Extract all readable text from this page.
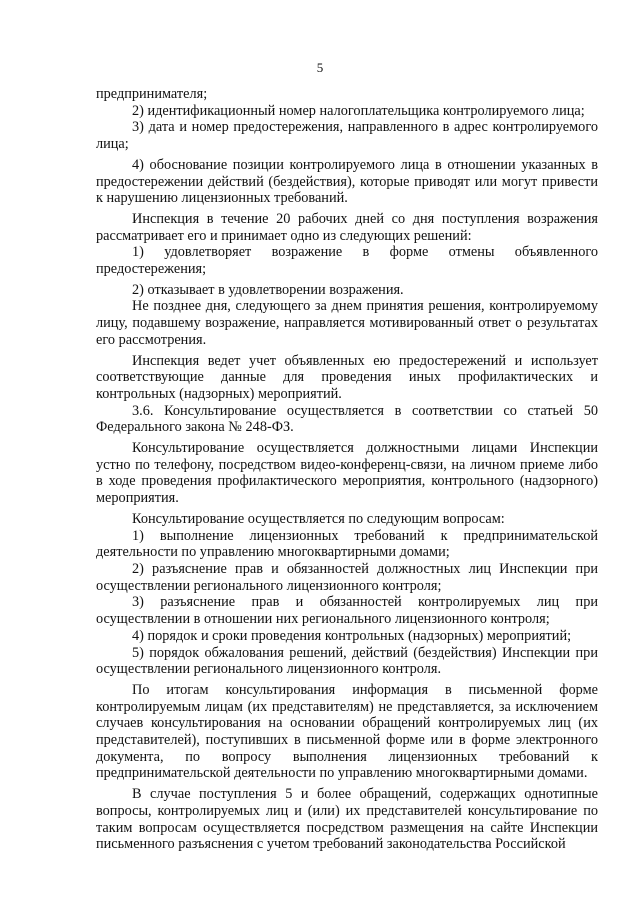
5

предпринимателя;

2) идентификационный номер налогоплательщика контролируемого лица;

3) дата и номер предостережения, направленного в адрес контролируемого лица;

4) обоснование позиции контролируемого лица в отношении указанных в предостережении действий (бездействия), которые приводят или могут привести к нарушению лицензионных требований.

Инспекция в течение 20 рабочих дней со дня поступления возражения рассматривает его и принимает одно из следующих решений:

1) удовлетворяет возражение в форме отмены объявленного предостережения;

2) отказывает в удовлетворении возражения.

Не позднее дня, следующего за днем принятия решения, контролируемому лицу, подавшему возражение, направляется мотивированный ответ о результатах его рассмотрения.

Инспекция ведет учет объявленных ею предостережений и использует соответствующие данные для проведения иных профилактических и контрольных (надзорных) мероприятий.

3.6. Консультирование осуществляется в соответствии со статьей 50 Федерального закона № 248-ФЗ.

Консультирование осуществляется должностными лицами Инспекции устно по телефону, посредством видео-конференц-связи, на личном приеме либо в ходе проведения профилактического мероприятия, контрольного (надзорного) мероприятия.

Консультирование осуществляется по следующим вопросам:

1) выполнение лицензионных требований к предпринимательской деятельности по управлению многоквартирными домами;

2) разъяснение прав и обязанностей должностных лиц Инспекции при осуществлении регионального лицензионного контроля;

3) разъяснение прав и обязанностей контролируемых лиц при осуществлении в отношении них регионального лицензионного контроля;

4) порядок и сроки проведения контрольных (надзорных) мероприятий;

5) порядок обжалования решений, действий (бездействия) Инспекции при осуществлении регионального лицензионного контроля.

По итогам консультирования информация в письменной форме контролируемым лицам (их представителям) не представляется, за исключением случаев консультирования на основании обращений контролируемых лиц (их представителей), поступивших в письменной форме или в форме электронного документа, по вопросу выполнения лицензионных требований к предпринимательской деятельности по управлению многоквартирными домами.

В случае поступления 5 и более обращений, содержащих однотипные вопросы, контролируемых лиц и (или) их представителей консультирование по таким вопросам осуществляется посредством размещения на сайте Инспекции письменного разъяснения с учетом требований законодательства Российской
